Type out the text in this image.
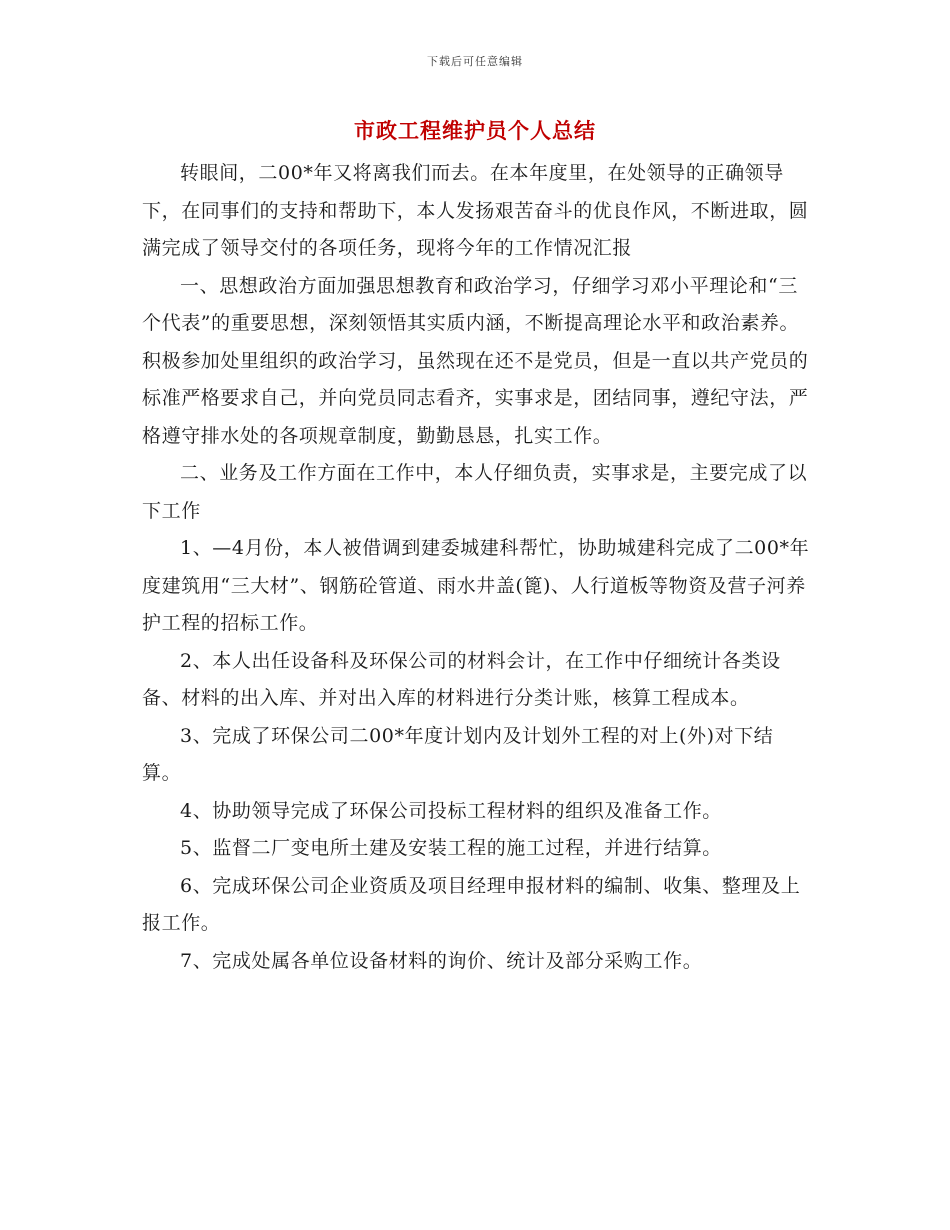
下载后可任意编辑
市政工程维护员个人总结

转眼间，二00*年又将离我们而去。在本年度里，在处领导的正确领导下，在同事们的支持和帮助下，本人发扬艰苦奋斗的优良作风，不断进取，圆满完成了领导交付的各项任务，现将今年的工作情况汇报

一、思想政治方面加强思想教育和政治学习，仔细学习邓小平理论和“三个代表”的重要思想，深刻领悟其实质内涵，不断提高理论水平和政治素养。积极参加处里组织的政治学习，虽然现在还不是党员，但是一直以共产党员的标准严格要求自己，并向党员同志看齐，实事求是，团结同事，遵纪守法，严格遵守排水处的各项规章制度，勤勤恳恳，扎实工作。

二、业务及工作方面在工作中，本人仔细负责，实事求是，主要完成了以下工作

1、—4月份，本人被借调到建委城建科帮忙，协助城建科完成了二00*年度建筑用“三大材”、钢筋砼管道、雨水井盖(篦)、人行道板等物资及营子河养护工程的招标工作。

2、本人出任设备科及环保公司的材料会计，在工作中仔细统计各类设备、材料的出入库、并对出入库的材料进行分类计账，核算工程成本。

3、完成了环保公司二00*年度计划内及计划外工程的对上(外)对下结算。

4、协助领导完成了环保公司投标工程材料的组织及准备工作。

5、监督二厂变电所土建及安装工程的施工过程，并进行结算。

6、完成环保公司企业资质及项目经理申报材料的编制、收集、整理及上报工作。

7、完成处属各单位设备材料的询价、统计及部分采购工作。
